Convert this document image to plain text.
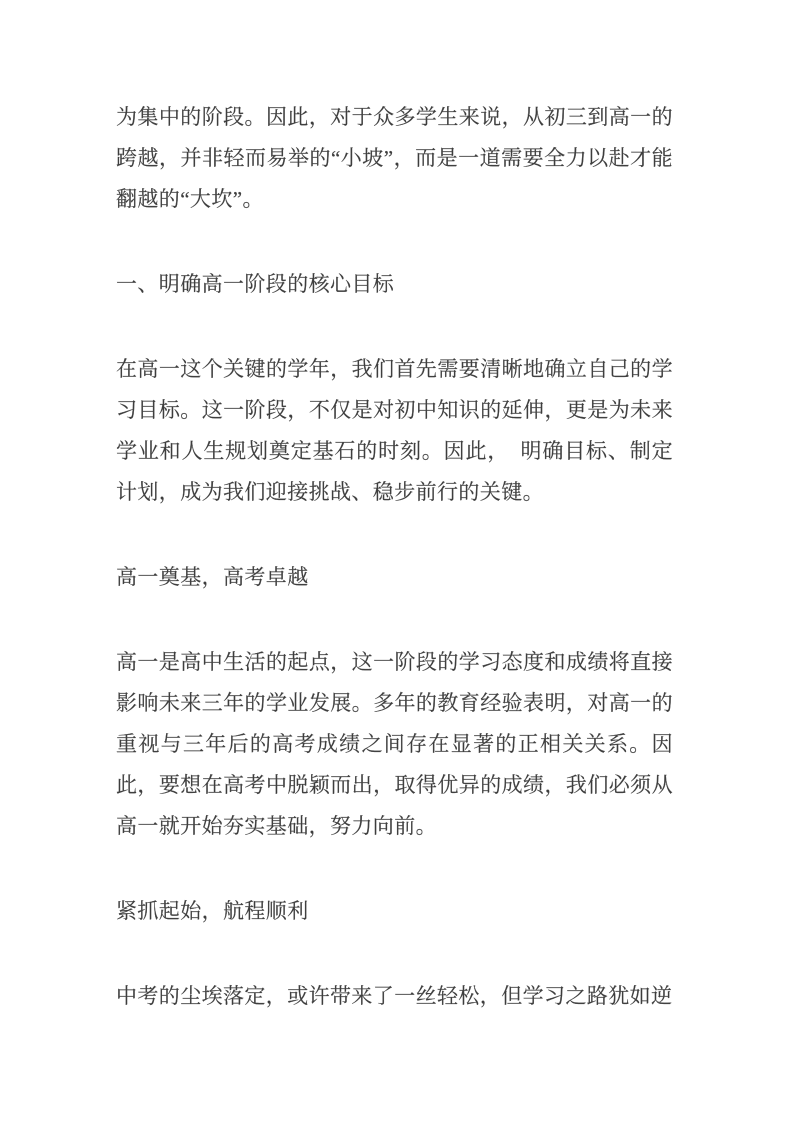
为集中的阶段。因此，对于众多学生来说，从初三到高一的跨越，并非轻而易举的“小坡”，而是一道需要全力以赴才能翻越的“大坎”。
一、明确高一阶段的核心目标
在高一这个关键的学年，我们首先需要清晰地确立自己的学习目标。这一阶段，不仅是对初中知识的延伸，更是为未来学业和人生规划奠定基石的时刻。因此，　明确目标、制定计划，成为我们迎接挑战、稳步前行的关键。
高一奠基，高考卓越
高一是高中生活的起点，这一阶段的学习态度和成绩将直接影响未来三年的学业发展。多年的教育经验表明，对高一的重视与三年后的高考成绩之间存在显著的正相关关系。因此，要想在高考中脱颖而出，取得优异的成绩，我们必须从高一就开始夯实基础，努力向前。
紧抓起始，航程顺利
中考的尘埃落定，或许带来了一丝轻松，但学习之路犹如逆
